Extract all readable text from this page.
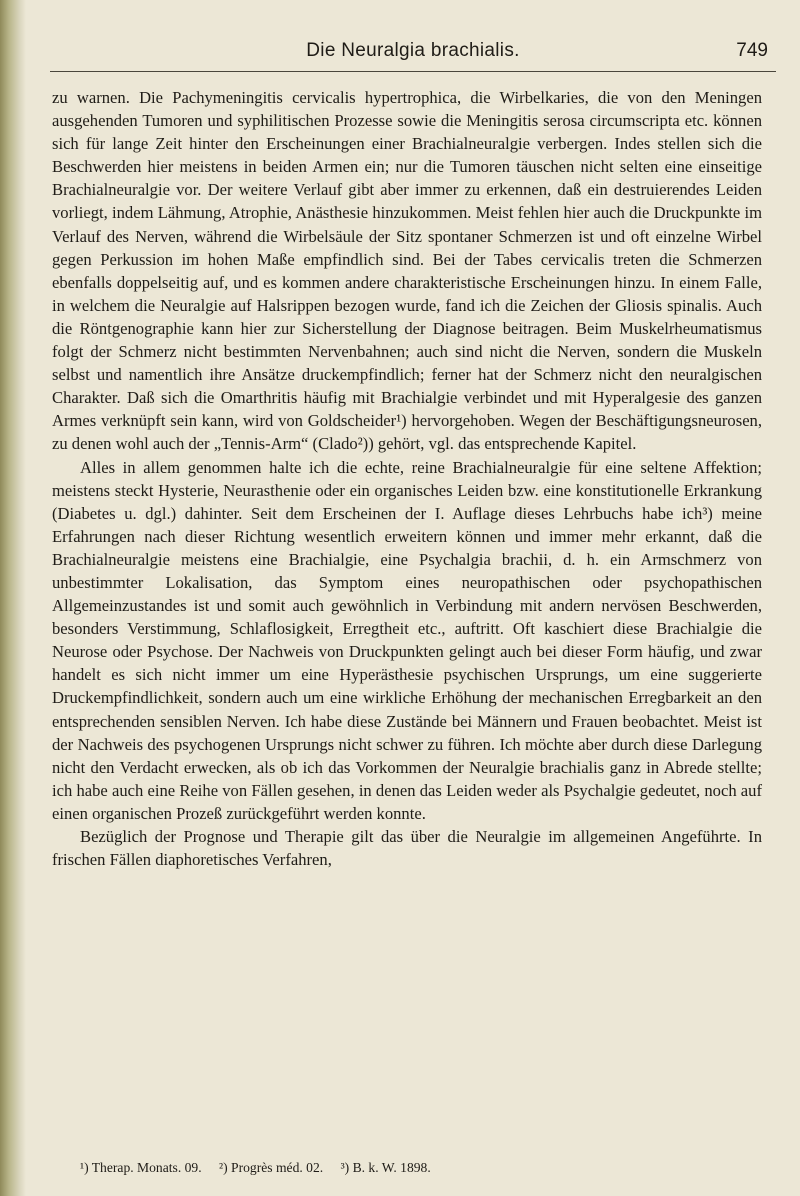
Die Neuralgia brachialis.	749

zu warnen. Die Pachymeningitis cervicalis hypertrophica, die Wirbelkaries, die von den Meningen ausgehenden Tumoren und syphilitischen Prozesse sowie die Meningitis serosa circumscripta etc. können sich für lange Zeit hinter den Erscheinungen einer Brachialneuralgie verbergen. Indes stellen sich die Beschwerden hier meistens in beiden Armen ein; nur die Tumoren täuschen nicht selten eine einseitige Brachialneuralgie vor. Der weitere Verlauf gibt aber immer zu erkennen, daß ein destruierendes Leiden vorliegt, indem Lähmung, Atrophie, Anästhesie hinzukommen. Meist fehlen hier auch die Druckpunkte im Verlauf des Nerven, während die Wirbelsäule der Sitz spontaner Schmerzen ist und oft einzelne Wirbel gegen Perkussion im hohen Maße empfindlich sind. Bei der Tabes cervicalis treten die Schmerzen ebenfalls doppelseitig auf, und es kommen andere charakteristische Erscheinungen hinzu. In einem Falle, in welchem die Neuralgie auf Halsrippen bezogen wurde, fand ich die Zeichen der Gliosis spinalis. Auch die Röntgenographie kann hier zur Sicherstellung der Diagnose beitragen. Beim Muskelrheumatismus folgt der Schmerz nicht bestimmten Nervenbahnen; auch sind nicht die Nerven, sondern die Muskeln selbst und namentlich ihre Ansätze druckempfindlich; ferner hat der Schmerz nicht den neuralgischen Charakter. Daß sich die Omarthritis häufig mit Brachialgie verbindet und mit Hyperalgesie des ganzen Armes verknüpft sein kann, wird von Goldscheider¹) hervorgehoben. Wegen der Beschäftigungsneurosen, zu denen wohl auch der „Tennis-Arm“ (Clado²)) gehört, vgl. das entsprechende Kapitel.

Alles in allem genommen halte ich die echte, reine Brachialneuralgie für eine seltene Affektion; meistens steckt Hysterie, Neurasthenie oder ein organisches Leiden bzw. eine konstitutionelle Erkrankung (Diabetes u. dgl.) dahinter. Seit dem Erscheinen der I. Auflage dieses Lehrbuchs habe ich³) meine Erfahrungen nach dieser Richtung wesentlich erweitern können und immer mehr erkannt, daß die Brachialneuralgie meistens eine Brachialgie, eine Psychalgia brachii, d. h. ein Armschmerz von unbestimmter Lokalisation, das Symptom eines neuropathischen oder psychopathischen Allgemeinzustandes ist und somit auch gewöhnlich in Verbindung mit andern nervösen Beschwerden, besonders Verstimmung, Schlaflosigkeit, Erregtheit etc., auftritt. Oft kaschiert diese Brachialgie die Neurose oder Psychose. Der Nachweis von Druckpunkten gelingt auch bei dieser Form häufig, und zwar handelt es sich nicht immer um eine Hyperästhesie psychischen Ursprungs, um eine suggerierte Druckempfindlichkeit, sondern auch um eine wirkliche Erhöhung der mechanischen Erregbarkeit an den entsprechenden sensiblen Nerven. Ich habe diese Zustände bei Männern und Frauen beobachtet. Meist ist der Nachweis des psychogenen Ursprungs nicht schwer zu führen. Ich möchte aber durch diese Darlegung nicht den Verdacht erwecken, als ob ich das Vorkommen der Neuralgie brachialis ganz in Abrede stellte; ich habe auch eine Reihe von Fällen gesehen, in denen das Leiden weder als Psychalgie gedeutet, noch auf einen organischen Prozeß zurückgeführt werden konnte.

Bezüglich der Prognose und Therapie gilt das über die Neuralgie im allgemeinen Angeführte. In frischen Fällen diaphoretisches Verfahren,

¹) Therap. Monats. 09. ²) Progrès méd. 02. ³) B. k. W. 1898.
